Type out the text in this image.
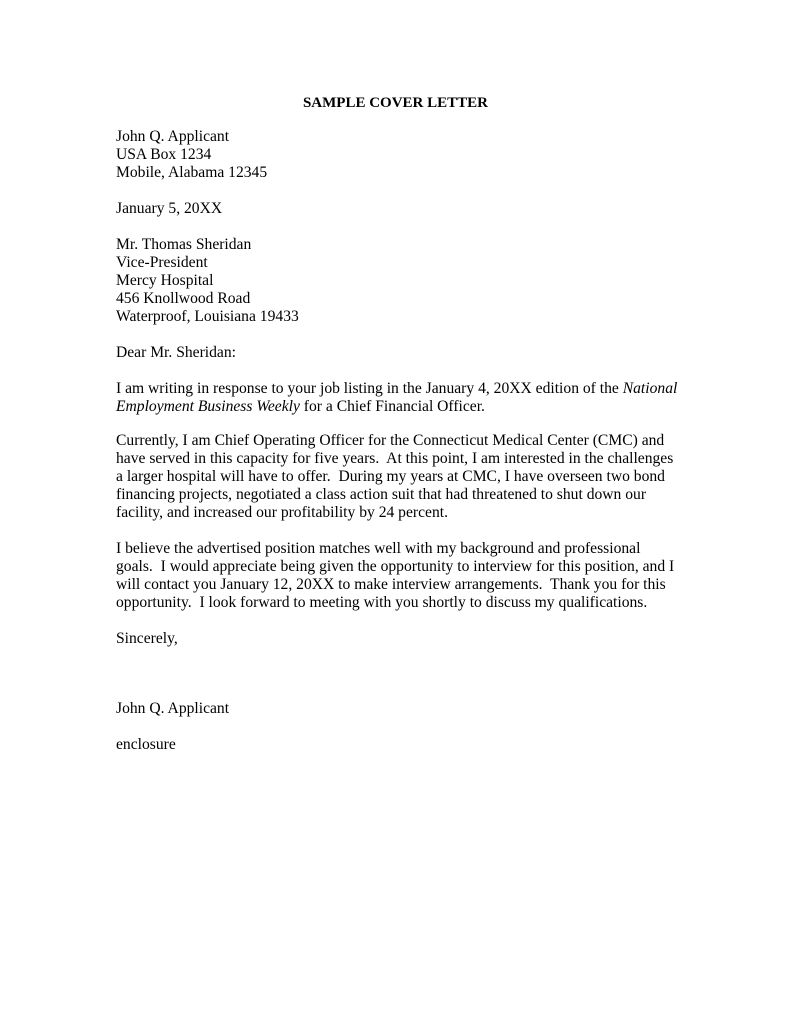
SAMPLE COVER LETTER
John Q. Applicant
USA Box 1234
Mobile, Alabama 12345
January 5, 20XX
Mr. Thomas Sheridan
Vice-President
Mercy Hospital
456 Knollwood Road
Waterproof, Louisiana 19433
Dear Mr. Sheridan:
I am writing in response to your job listing in the January 4, 20XX edition of the National
Employment Business Weekly for a Chief Financial Officer.
Currently, I am Chief Operating Officer for the Connecticut Medical Center (CMC) and
have served in this capacity for five years.  At this point, I am interested in the challenges
a larger hospital will have to offer.  During my years at CMC, I have overseen two bond
financing projects, negotiated a class action suit that had threatened to shut down our
facility, and increased our profitability by 24 percent.
I believe the advertised position matches well with my background and professional
goals.  I would appreciate being given the opportunity to interview for this position, and I
will contact you January 12, 20XX to make interview arrangements.  Thank you for this
opportunity.  I look forward to meeting with you shortly to discuss my qualifications.
Sincerely,
John Q. Applicant
enclosure
